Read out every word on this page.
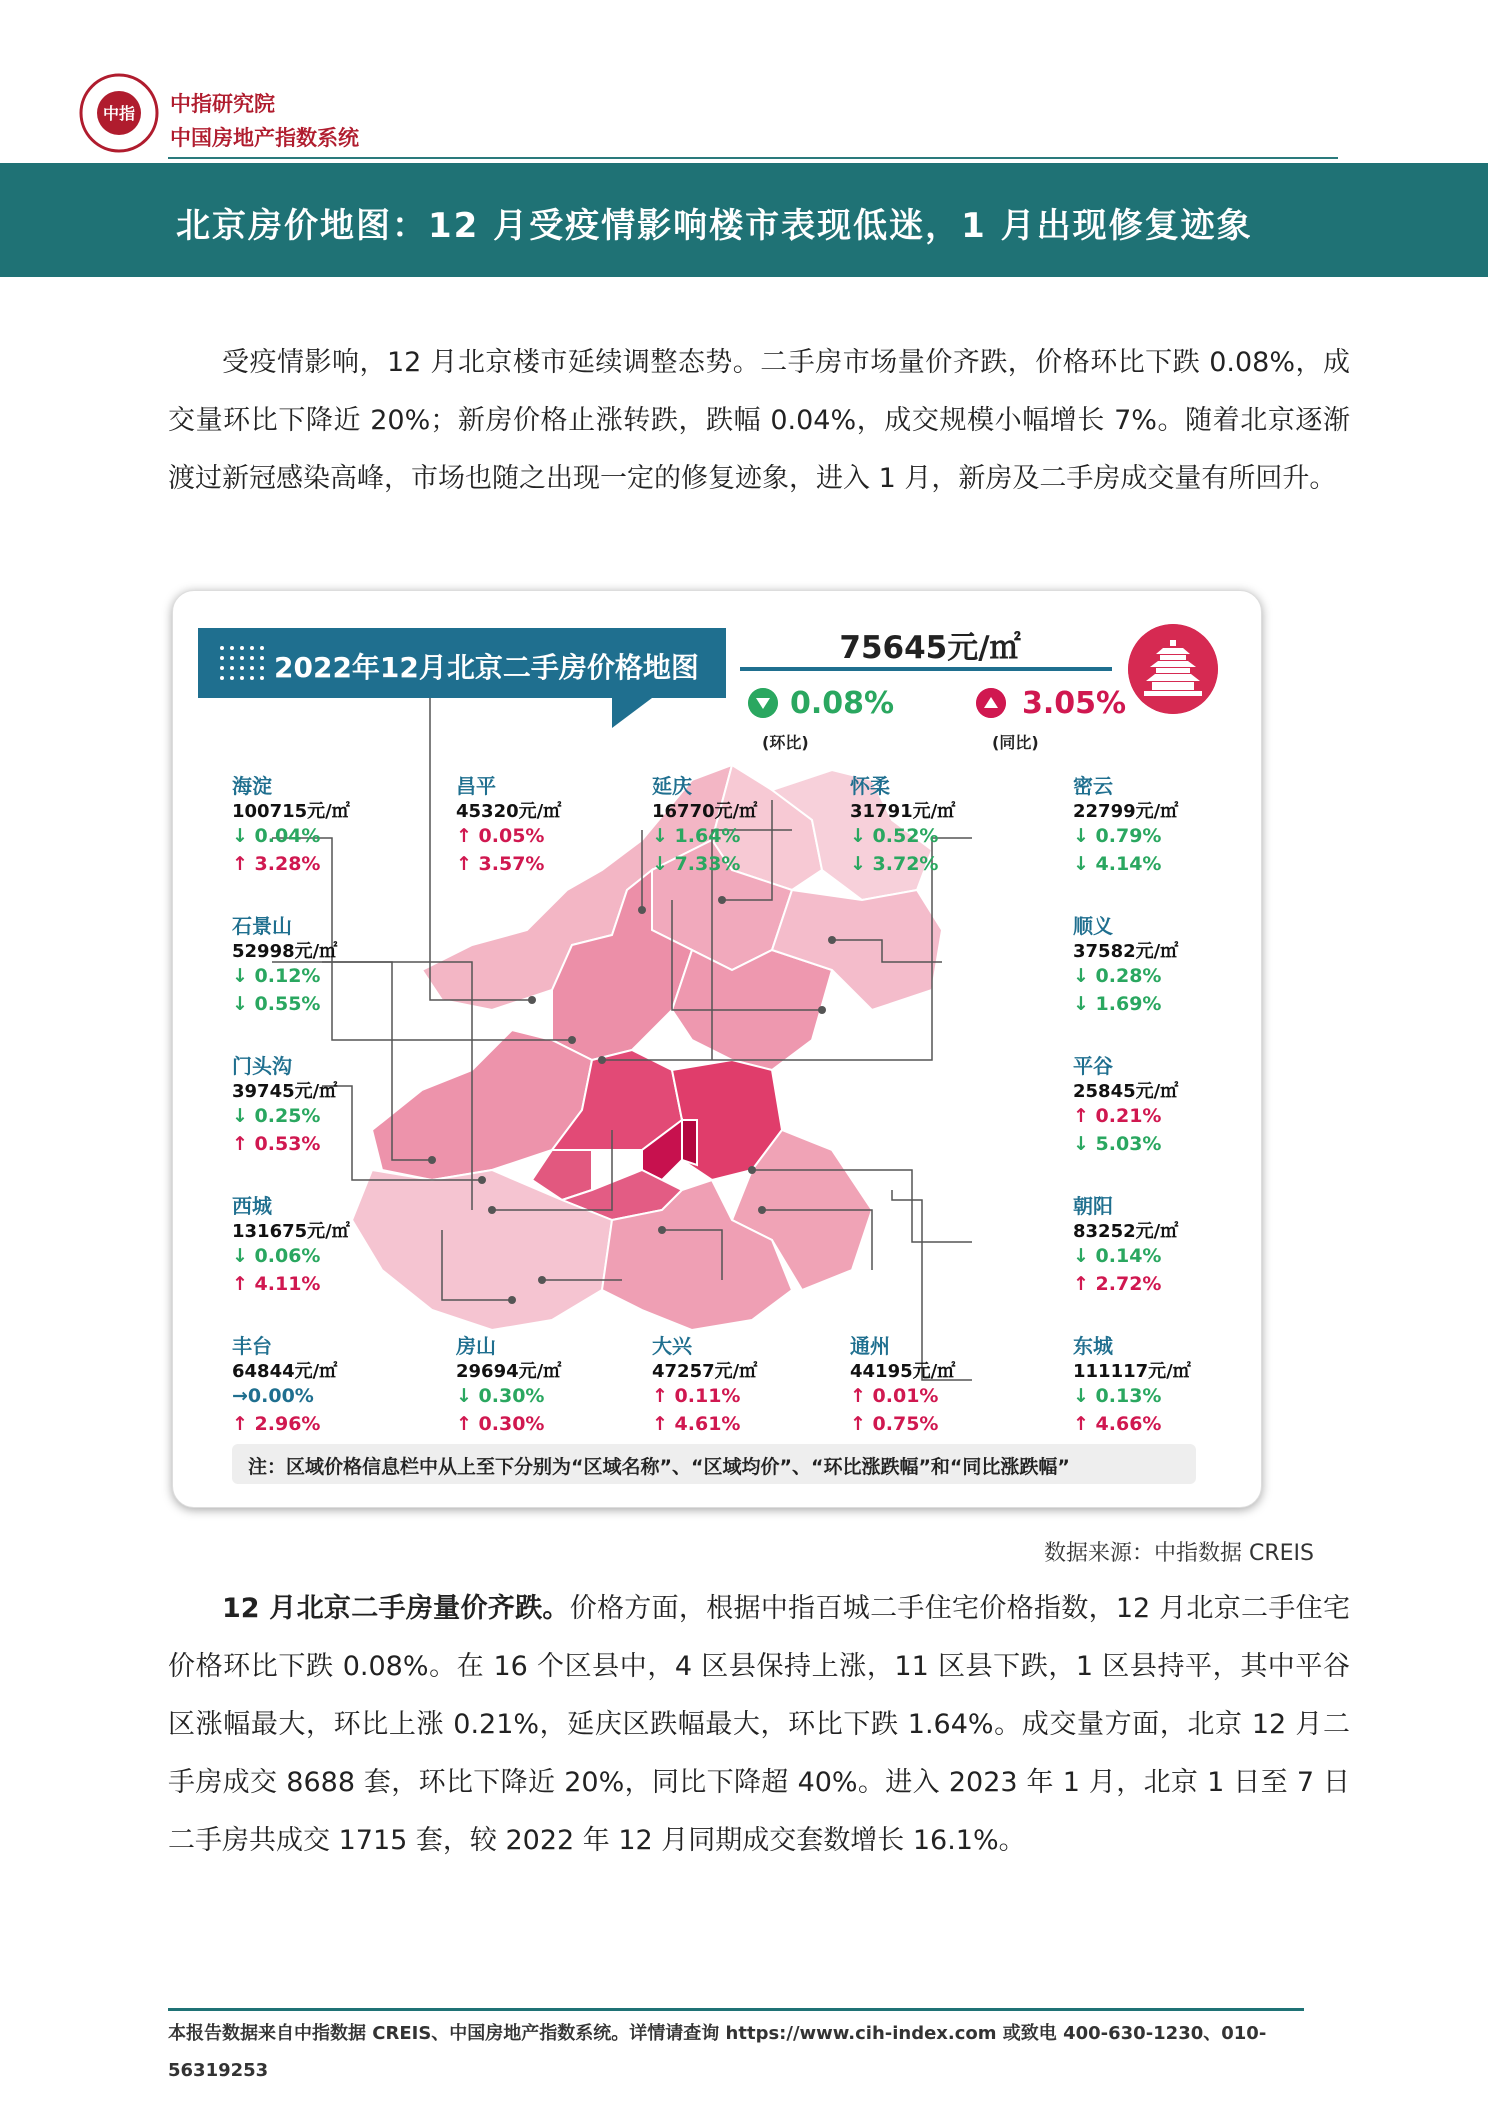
中指 中指研究院
中国房地产指数系统
北京房价地图：12 月受疫情影响楼市表现低迷，1 月出现修复迹象
受疫情影响，12 月北京楼市延续调整态势。二手房市场量价齐跌，价格环比下跌 0.08%，成交量环比下降近 20%；新房价格止涨转跌，跌幅 0.04%，成交规模小幅增长 7%。随着北京逐渐渡过新冠感染高峰，市场也随之出现一定的修复迹象，进入 1 月，新房及二手房成交量有所回升。
2022年12月北京二手房价格地图
75645元/㎡
0.08%
(环比)
3.05%
(同比)
海淀
100715元/㎡
↓ 0.04%
↑ 3.28%
昌平
45320元/㎡
↑ 0.05%
↑ 3.57%
延庆
16770元/㎡
↓ 1.64%
↓ 7.33%
怀柔
31791元/㎡
↓ 0.52%
↓ 3.72%
密云
22799元/㎡
↓ 0.79%
↓ 4.14%
石景山
52998元/㎡
↓ 0.12%
↓ 0.55%
顺义
37582元/㎡
↓ 0.28%
↓ 1.69%
门头沟
39745元/㎡
↓ 0.25%
↑ 0.53%
平谷
25845元/㎡
↑ 0.21%
↓ 5.03%
西城
131675元/㎡
↓ 0.06%
↑ 4.11%
朝阳
83252元/㎡
↓ 0.14%
↑ 2.72%
丰台
64844元/㎡
→0.00%
↑ 2.96%
房山
29694元/㎡
↓ 0.30%
↑ 0.30%
大兴
47257元/㎡
↑ 0.11%
↑ 4.61%
通州
44195元/㎡
↑ 0.01%
↑ 0.75%
东城
111117元/㎡
↓ 0.13%
↑ 4.66%
注：区域价格信息栏中从上至下分别为“区域名称”、“区域均价”、“环比涨跌幅”和“同比涨跌幅”
数据来源：中指数据 CREIS
12 月北京二手房量价齐跌。价格方面，根据中指百城二手住宅价格指数，12 月北京二手住宅价格环比下跌 0.08%。在 16 个区县中，4 区县保持上涨，11 区县下跌，1 区县持平，其中平谷区涨幅最大，环比上涨 0.21%，延庆区跌幅最大，环比下跌 1.64%。成交量方面，北京 12 月二手房成交 8688 套，环比下降近 20%，同比下降超 40%。进入 2023 年 1 月，北京 1 日至 7 日二手房共成交 1715 套，较 2022 年 12 月同期成交套数增长 16.1%。
本报告数据来自中指数据 CREIS、中国房地产指数系统。详情请查询 https://www.cih-index.com 或致电 400-630-1230、010-
56319253
